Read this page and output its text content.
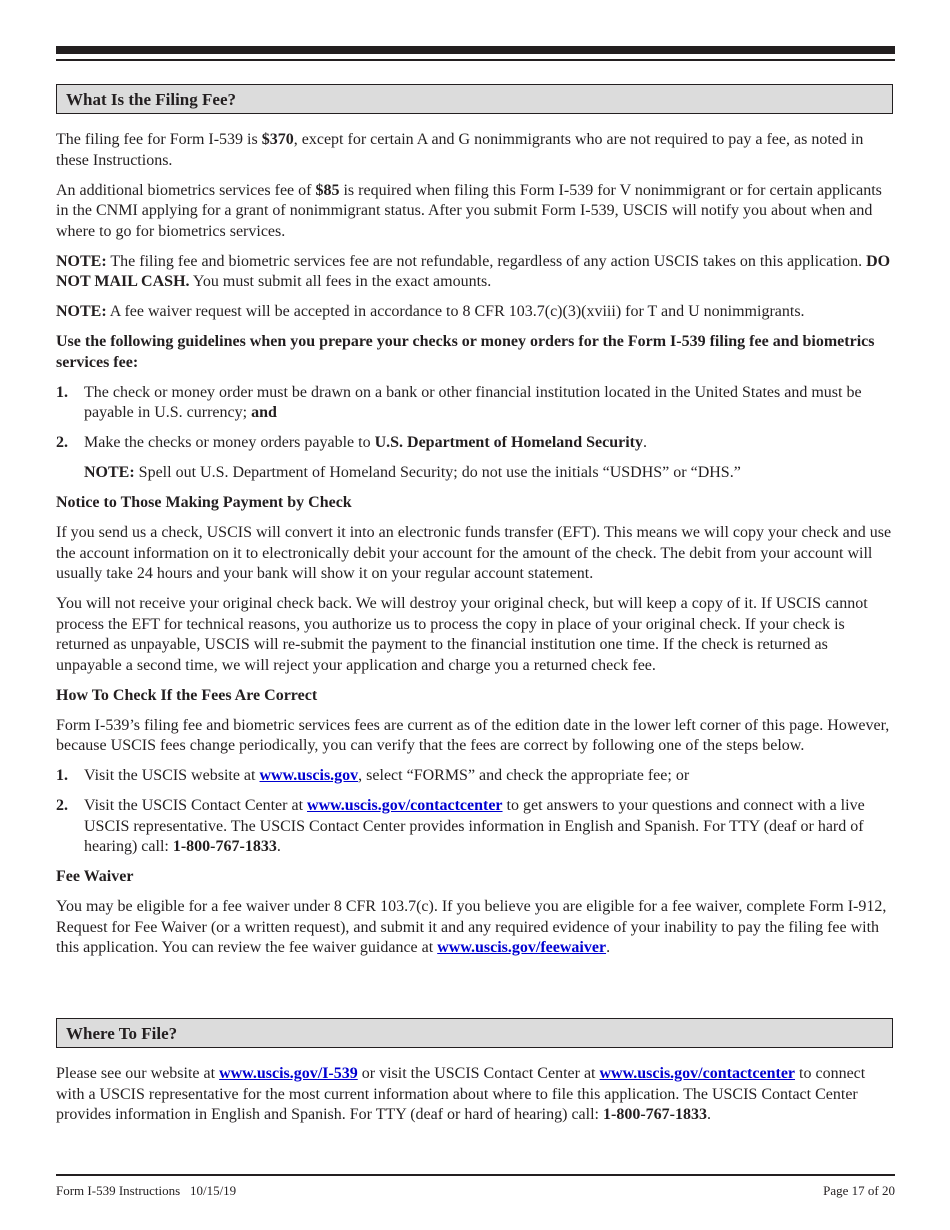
What Is the Filing Fee?

The filing fee for Form I-539 is $370, except for certain A and G nonimmigrants who are not required to pay a fee, as noted in these Instructions.

An additional biometrics services fee of $85 is required when filing this Form I-539 for V nonimmigrant or for certain applicants in the CNMI applying for a grant of nonimmigrant status. After you submit Form I-539, USCIS will notify you about when and where to go for biometrics services.

NOTE: The filing fee and biometric services fee are not refundable, regardless of any action USCIS takes on this application. DO NOT MAIL CASH. You must submit all fees in the exact amounts.

NOTE: A fee waiver request will be accepted in accordance to 8 CFR 103.7(c)(3)(xviii) for T and U nonimmigrants.

Use the following guidelines when you prepare your checks or money orders for the Form I-539 filing fee and biometrics services fee:

1.	The check or money order must be drawn on a bank or other financial institution located in the United States and must be payable in U.S. currency; and
2.	Make the checks or money orders payable to U.S. Department of Homeland Security.

NOTE: Spell out U.S. Department of Homeland Security; do not use the initials “USDHS” or “DHS.”

Notice to Those Making Payment by Check

If you send us a check, USCIS will convert it into an electronic funds transfer (EFT). This means we will copy your check and use the account information on it to electronically debit your account for the amount of the check. The debit from your account will usually take 24 hours and your bank will show it on your regular account statement.

You will not receive your original check back. We will destroy your original check, but will keep a copy of it. If USCIS cannot process the EFT for technical reasons, you authorize us to process the copy in place of your original check. If your check is returned as unpayable, USCIS will re-submit the payment to the financial institution one time. If the check is returned as unpayable a second time, we will reject your application and charge you a returned check fee.

How To Check If the Fees Are Correct

Form I-539’s filing fee and biometric services fees are current as of the edition date in the lower left corner of this page. However, because USCIS fees change periodically, you can verify that the fees are correct by following one of the steps below.

1.	Visit the USCIS website at www.uscis.gov, select “FORMS” and check the appropriate fee; or
2.	Visit the USCIS Contact Center at www.uscis.gov/contactcenter to get answers to your questions and connect with a live USCIS representative. The USCIS Contact Center provides information in English and Spanish. For TTY (deaf or hard of hearing) call: 1-800-767-1833.

Fee Waiver

You may be eligible for a fee waiver under 8 CFR 103.7(c). If you believe you are eligible for a fee waiver, complete Form I-912, Request for Fee Waiver (or a written request), and submit it and any required evidence of your inability to pay the filing fee with this application. You can review the fee waiver guidance at www.uscis.gov/feewaiver.

Where To File?

Please see our website at www.uscis.gov/I-539 or visit the USCIS Contact Center at www.uscis.gov/contactcenter to connect with a USCIS representative for the most current information about where to file this application. The USCIS Contact Center provides information in English and Spanish. For TTY (deaf or hard of hearing) call: 1-800-767-1833.

Form I-539 Instructions   10/15/19	Page 17 of 20
